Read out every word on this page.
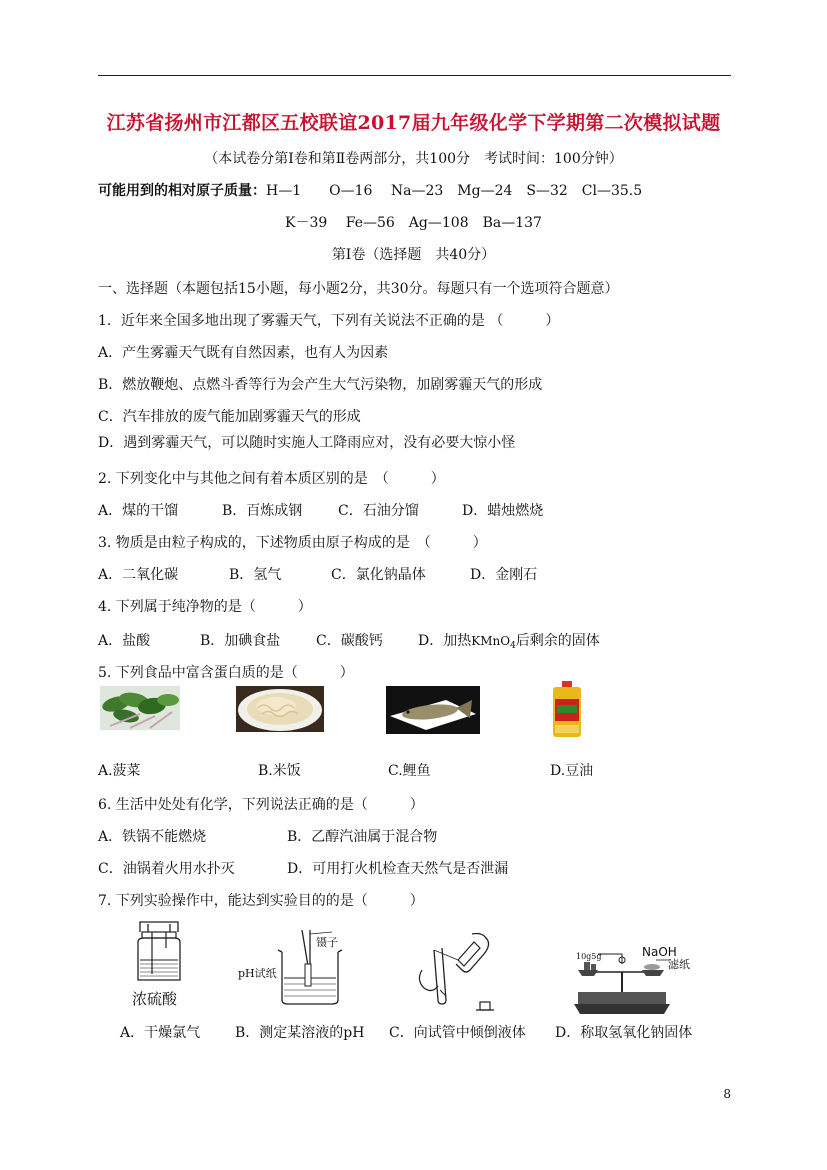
江苏省扬州市江都区五校联谊2017届九年级化学下学期第二次模拟试题
（本试卷分第Ⅰ卷和第Ⅱ卷两部分，共100分　考试时间：100分钟）
可能用到的相对原子质量：H—1　　O—16　 Na—23　Mg—24　S—32　Cl—35.5
K－39　 Fe—56　Ag—108　Ba—137
第Ⅰ卷（选择题　共40分）
一、选择题（本题包括15小题，每小题2分，共30分。每题只有一个选项符合题意）
1．近年来全国多地出现了雾霾天气，下列有关说法不正确的是 （　　　）
A．产生雾霾天气既有自然因素，也有人为因素
B．燃放鞭炮、点燃斗香等行为会产生大气污染物，加剧雾霾天气的形成
C．汽车排放的废气能加剧雾霾天气的形成
D．遇到雾霾天气，可以随时实施人工降雨应对，没有必要大惊小怪
2. 下列变化中与其他之间有着本质区别的是　（　　　）
A．煤的干馏	B．百炼成钢	C．石油分馏	D．蜡烛燃烧
3. 物质是由粒子构成的，下述物质由原子构成的是　（　　　）
A．二氧化碳	B．氢气	C．氯化钠晶体	D．金刚石
4. 下列属于纯净物的是（　　　）
A．盐酸	B．加碘食盐	C．碳酸钙	D．加热KMnO$_4$后剩余的固体
5. 下列食品中富含蛋白质的是（　　　）
A.菠菜	B.米饭	C.鲤鱼	D.豆油
6. 生活中处处有化学，下列说法正确的是（　　　）
A．铁锅不能燃烧	B．乙醇汽油属于混合物
C．油锅着火用水扑灭	D．可用打火机检查天然气是否泄漏
7. 下列实验操作中，能达到实验目的的是（　　　）
浓硫酸
pH试纸
镊子
NaOH
滤纸
10g5g
A．干燥氯气 B．测定某溶液的pH C．向试管中倾倒液体 D．称取氢氧化钠固体
8
